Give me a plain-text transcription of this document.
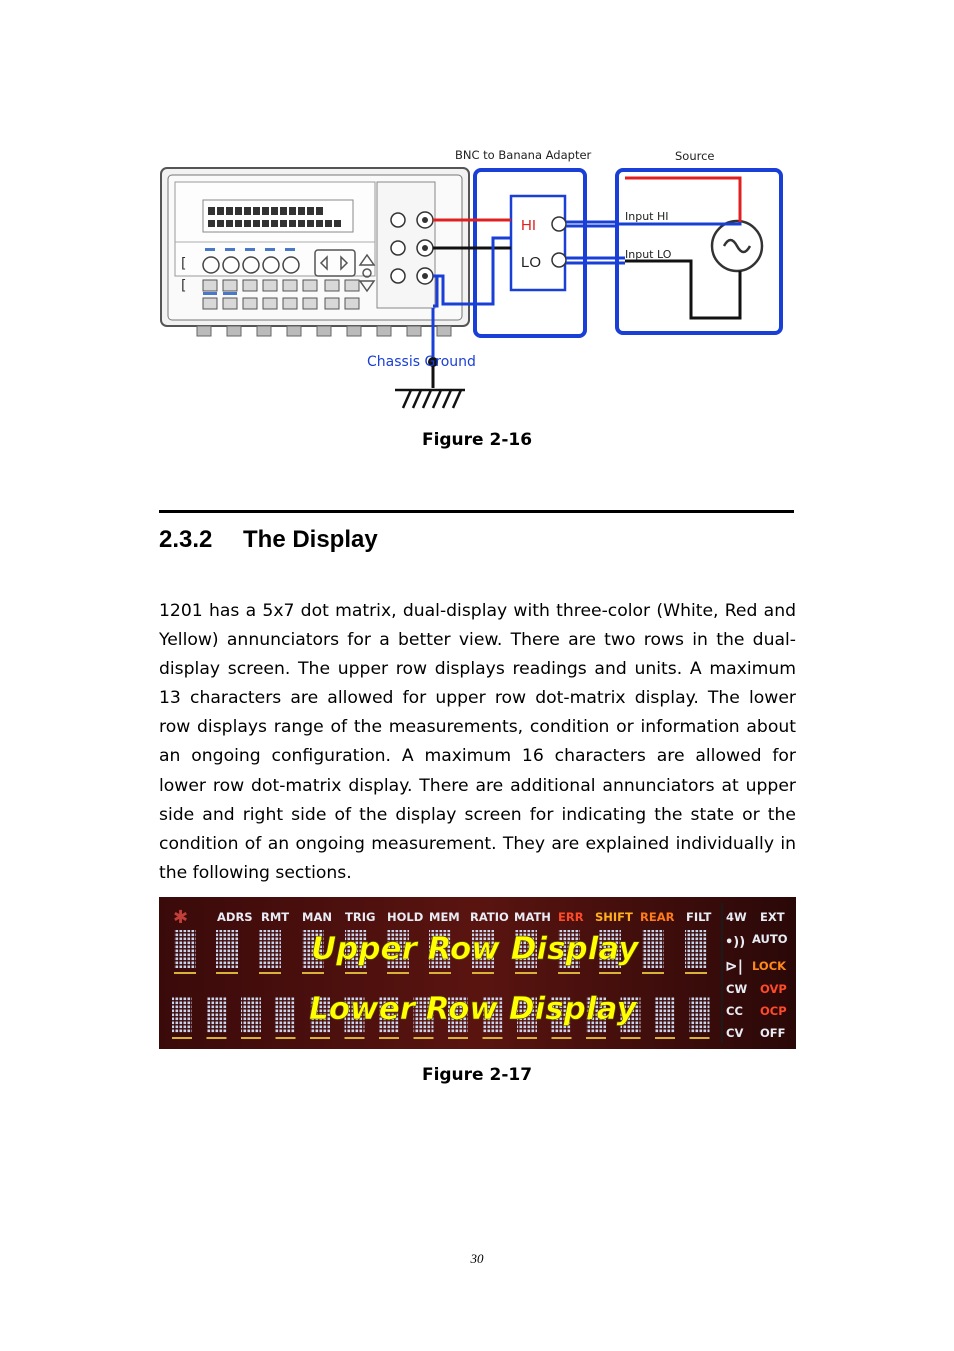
[
[
HI
LO
BNC to Banana Adapter	Source
Input HI
Input LO
Chassis Ground
Figure 2-16
2.3.2 The Display
1201 has a 5x7 dot matrix, dual-display with three-color (White, Red and Yellow) annunciators for a better view. There are two rows in the dual-display screen. The upper row displays readings and units. A maximum 13 characters are allowed for upper row dot-matrix display. The lower row displays range of the measurements, condition or information about an ongoing configuration. A maximum 16 characters are allowed for lower row dot-matrix display. There are additional annunciators at upper side and right side of the display screen for indicating the state or the condition of an ongoing measurement. They are explained individually in the following sections.
✱	ADRS RMT MAN TRIG HOLD MEM RATIO MATH ERR SHIFT REAR FILT 4W EXT
AUTO
LOCK
CW OVP
CC OCP
CV OFF
•))
⊳|
Upper Row Display
Lower Row Display
Figure 2-17
30
